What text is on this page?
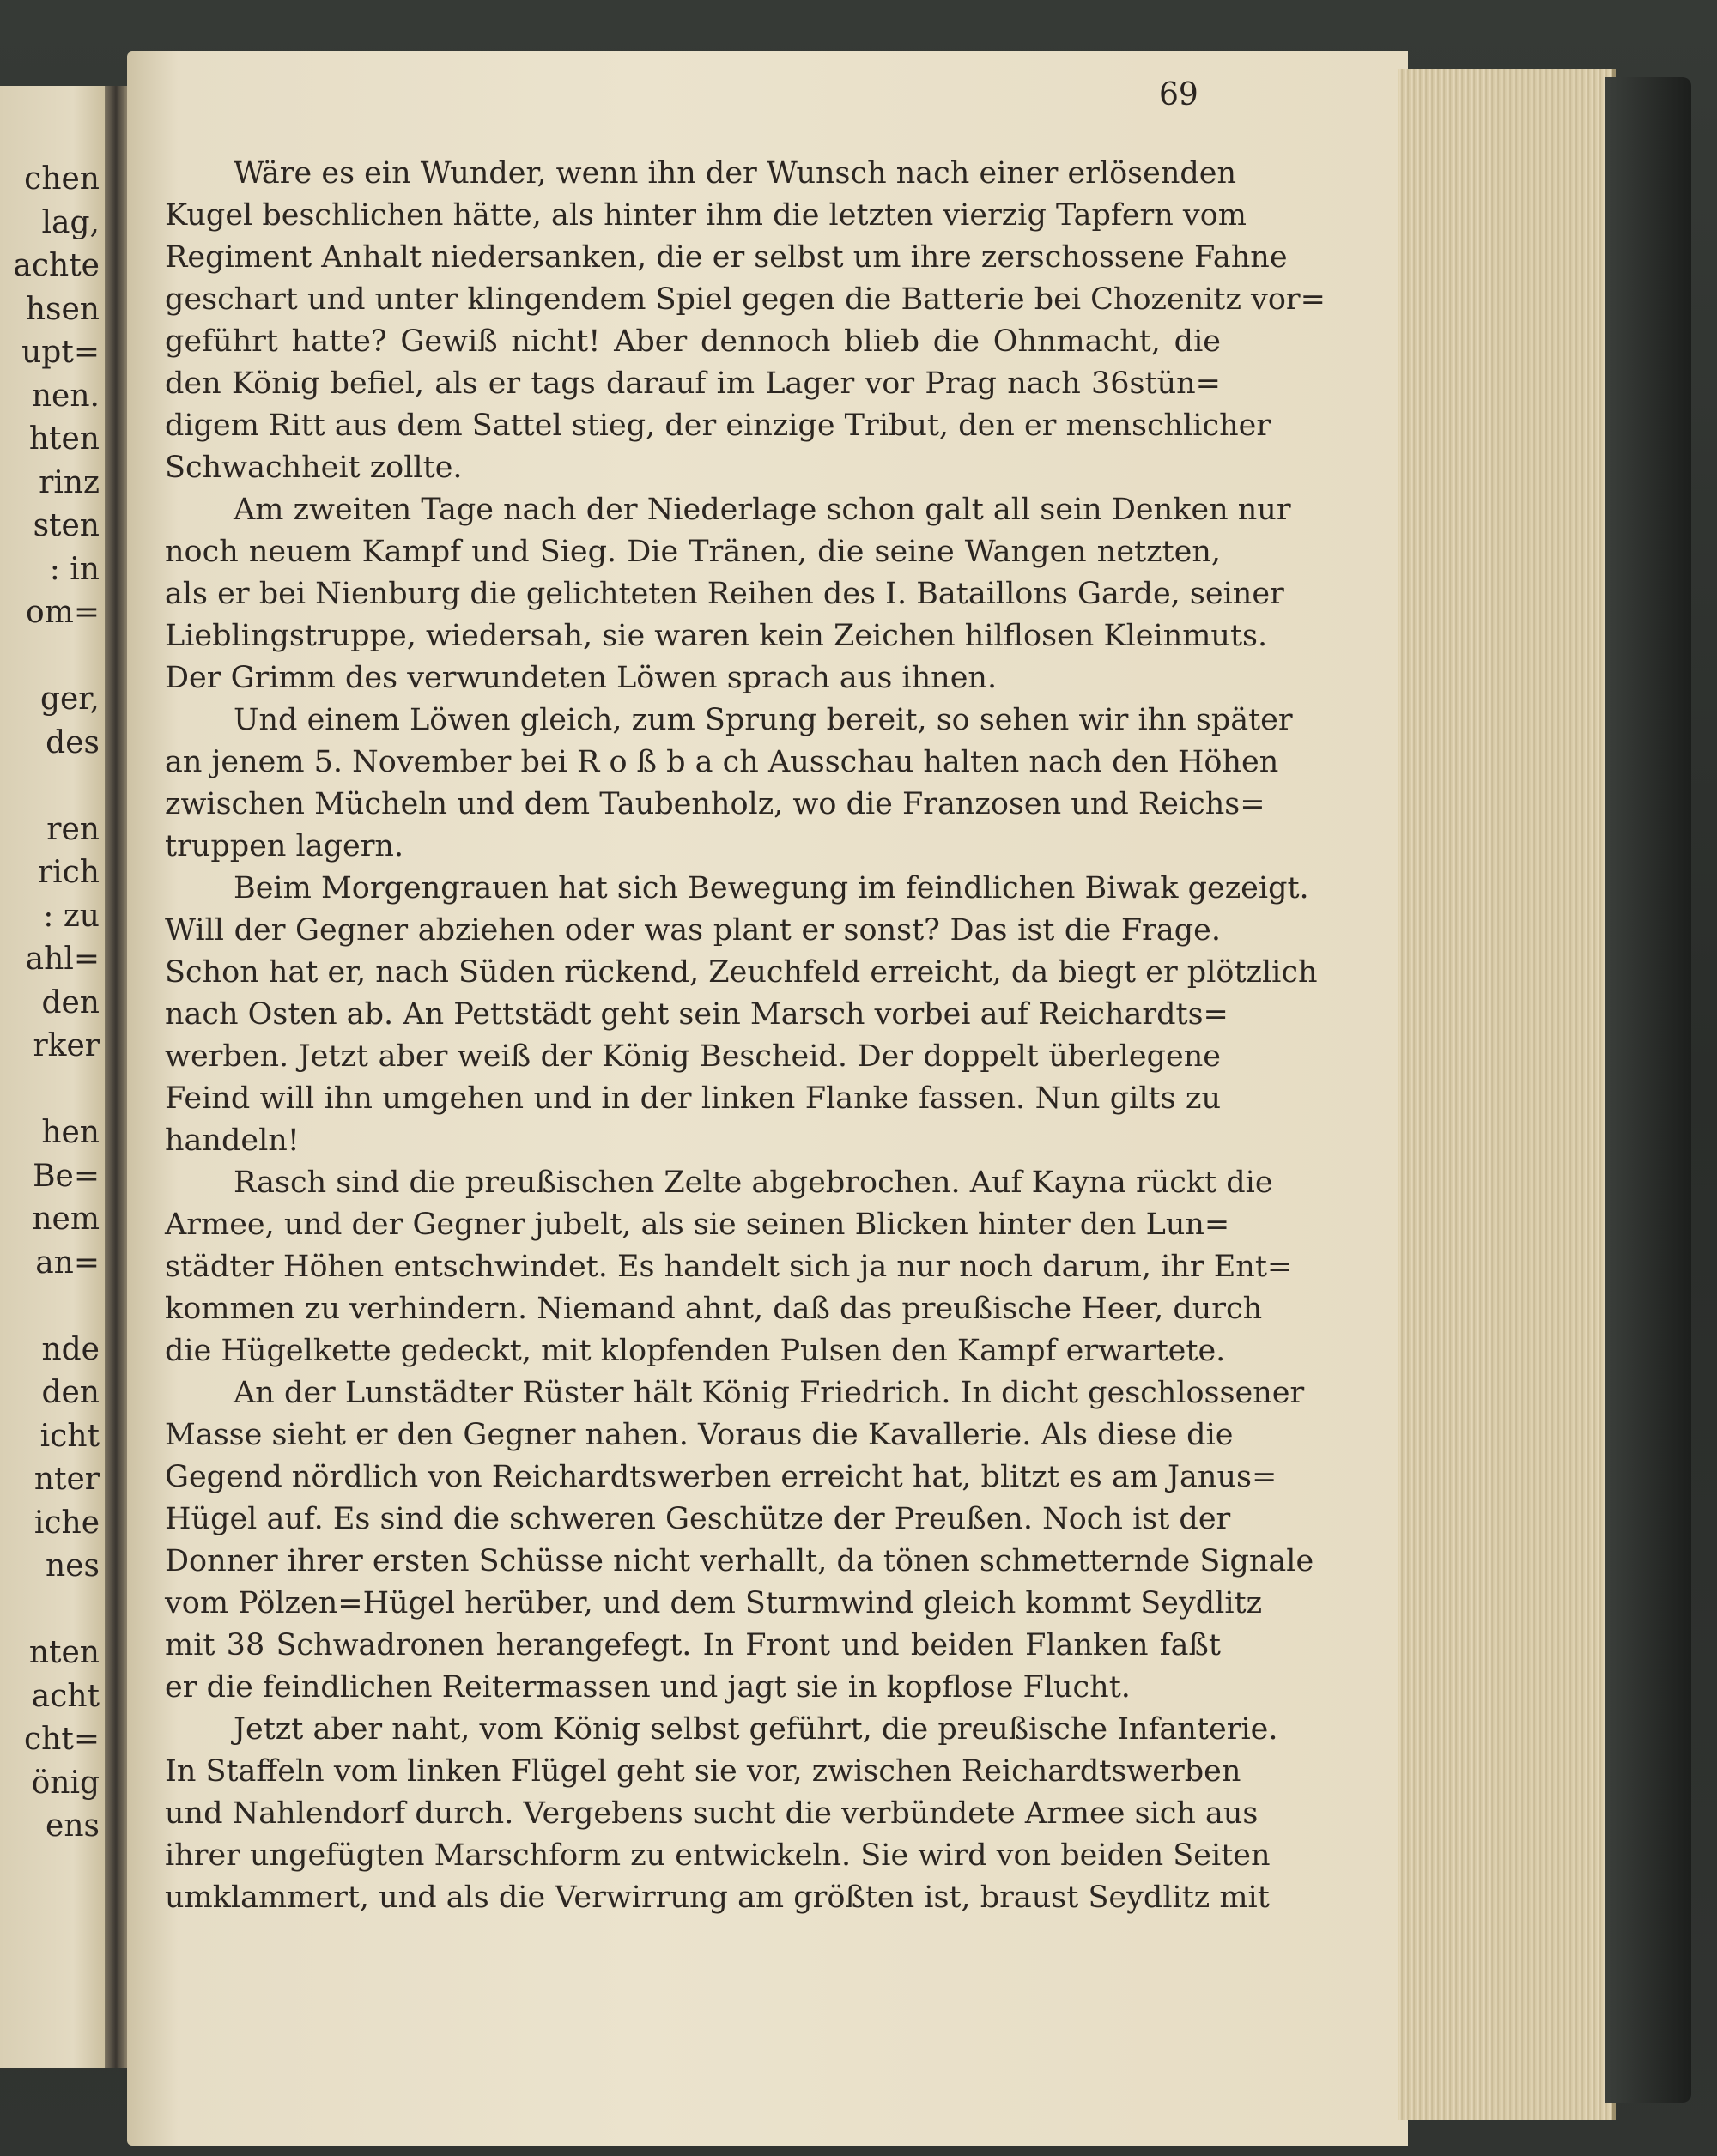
chen
lag,
achte
hsen
upt=
nen.
hten
rinz
sten
: in
om=
ger,
des
ren
rich
: zu
ahl=
den
rker
hen
Be=
nem
an=
nde
den
icht
nter
iche
nes
nten
acht
cht=
önig
ens
69
Wäre es ein Wunder, wenn ihn der Wunsch nach einer erlösenden
Kugel beschlichen hätte, als hinter ihm die letzten vierzig Tapfern vom
Regiment Anhalt niedersanken, die er selbst um ihre zerschossene Fahne
geschart und unter klingendem Spiel gegen die Batterie bei Chozenitz vor=
geführt hatte? Gewiß nicht! Aber dennoch blieb die Ohnmacht, die
den König befiel, als er tags darauf im Lager vor Prag nach 36stün=
digem Ritt aus dem Sattel stieg, der einzige Tribut, den er menschlicher
Schwachheit zollte.
Am zweiten Tage nach der Niederlage schon galt all sein Denken nur
noch neuem Kampf und Sieg. Die Tränen, die seine Wangen netzten,
als er bei Nienburg die gelichteten Reihen des I. Bataillons Garde, seiner
Lieblingstruppe, wiedersah, sie waren kein Zeichen hilflosen Kleinmuts.
Der Grimm des verwundeten Löwen sprach aus ihnen.
Und einem Löwen gleich, zum Sprung bereit, so sehen wir ihn später
an jenem 5. November bei R o ß b a ch Ausschau halten nach den Höhen
zwischen Mücheln und dem Taubenholz, wo die Franzosen und Reichs=
truppen lagern.
Beim Morgengrauen hat sich Bewegung im feindlichen Biwak gezeigt.
Will der Gegner abziehen oder was plant er sonst? Das ist die Frage.
Schon hat er, nach Süden rückend, Zeuchfeld erreicht, da biegt er plötzlich
nach Osten ab. An Pettstädt geht sein Marsch vorbei auf Reichardts=
werben. Jetzt aber weiß der König Bescheid. Der doppelt überlegene
Feind will ihn umgehen und in der linken Flanke fassen. Nun gilts zu
handeln!
Rasch sind die preußischen Zelte abgebrochen. Auf Kayna rückt die
Armee, und der Gegner jubelt, als sie seinen Blicken hinter den Lun=
städter Höhen entschwindet. Es handelt sich ja nur noch darum, ihr Ent=
kommen zu verhindern. Niemand ahnt, daß das preußische Heer, durch
die Hügelkette gedeckt, mit klopfenden Pulsen den Kampf erwartete.
An der Lunstädter Rüster hält König Friedrich. In dicht geschlossener
Masse sieht er den Gegner nahen. Voraus die Kavallerie. Als diese die
Gegend nördlich von Reichardtswerben erreicht hat, blitzt es am Janus=
Hügel auf. Es sind die schweren Geschütze der Preußen. Noch ist der
Donner ihrer ersten Schüsse nicht verhallt, da tönen schmetternde Signale
vom Pölzen=Hügel herüber, und dem Sturmwind gleich kommt Seydlitz
mit 38 Schwadronen herangefegt. In Front und beiden Flanken faßt
er die feindlichen Reitermassen und jagt sie in kopflose Flucht.
Jetzt aber naht, vom König selbst geführt, die preußische Infanterie.
In Staffeln vom linken Flügel geht sie vor, zwischen Reichardtswerben
und Nahlendorf durch. Vergebens sucht die verbündete Armee sich aus
ihrer ungefügten Marschform zu entwickeln. Sie wird von beiden Seiten
umklammert, und als die Verwirrung am größten ist, braust Seydlitz mit
